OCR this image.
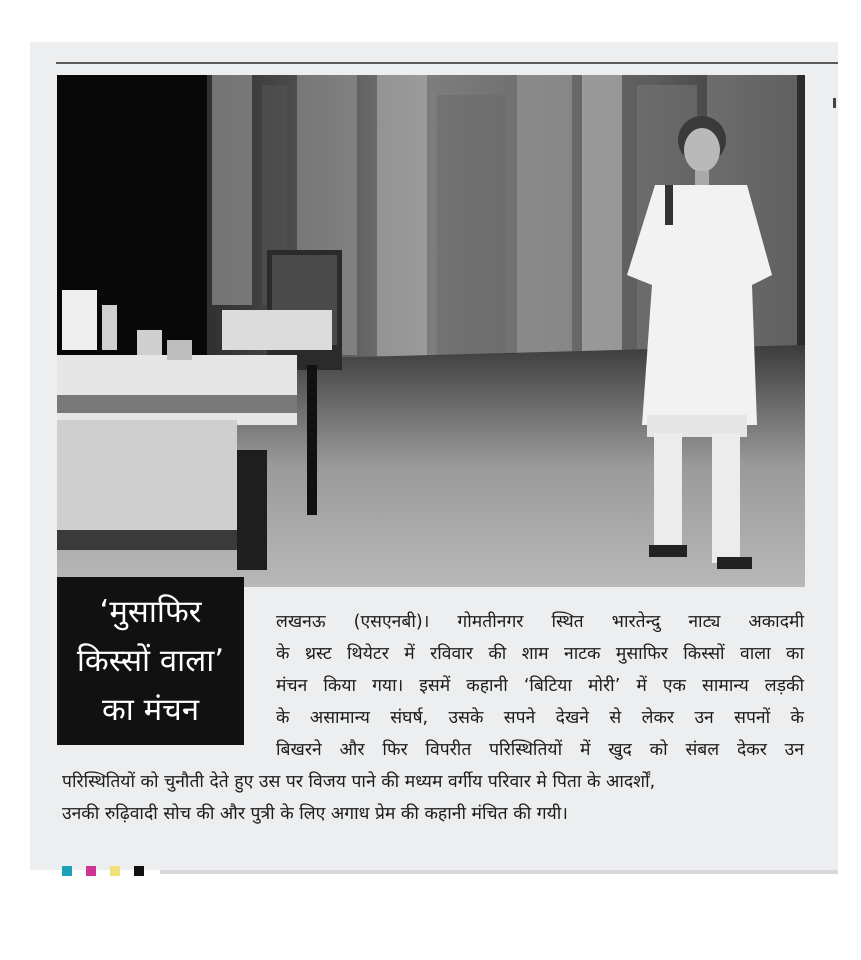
‘मुसाफिर
किस्सों वाला’
का मंचन
लखनऊ (एसएनबी)। गोमतीनगर स्थित भारतेन्दु नाट्य अकादमी
के थ्रस्ट थियेटर में रविवार की शाम नाटक मुसाफिर किस्सों वाला का
मंचन किया गया। इसमें कहानी ‘बिटिया मोरी’ में एक सामान्य लड़की
के असामान्य संघर्ष, उसके सपने देखने से लेकर उन सपनों के
बिखरने और फिर विपरीत परिस्थितियों में खुद को संबल देकर उन
परिस्थितियों को चुनौती देते हुए उस पर विजय पाने की मध्यम वर्गीय परिवार मे पिता के आदर्शों,
उनकी रुढ़िवादी सोच की और पुत्री के लिए अगाध प्रेम की कहानी मंचित की गयी।
